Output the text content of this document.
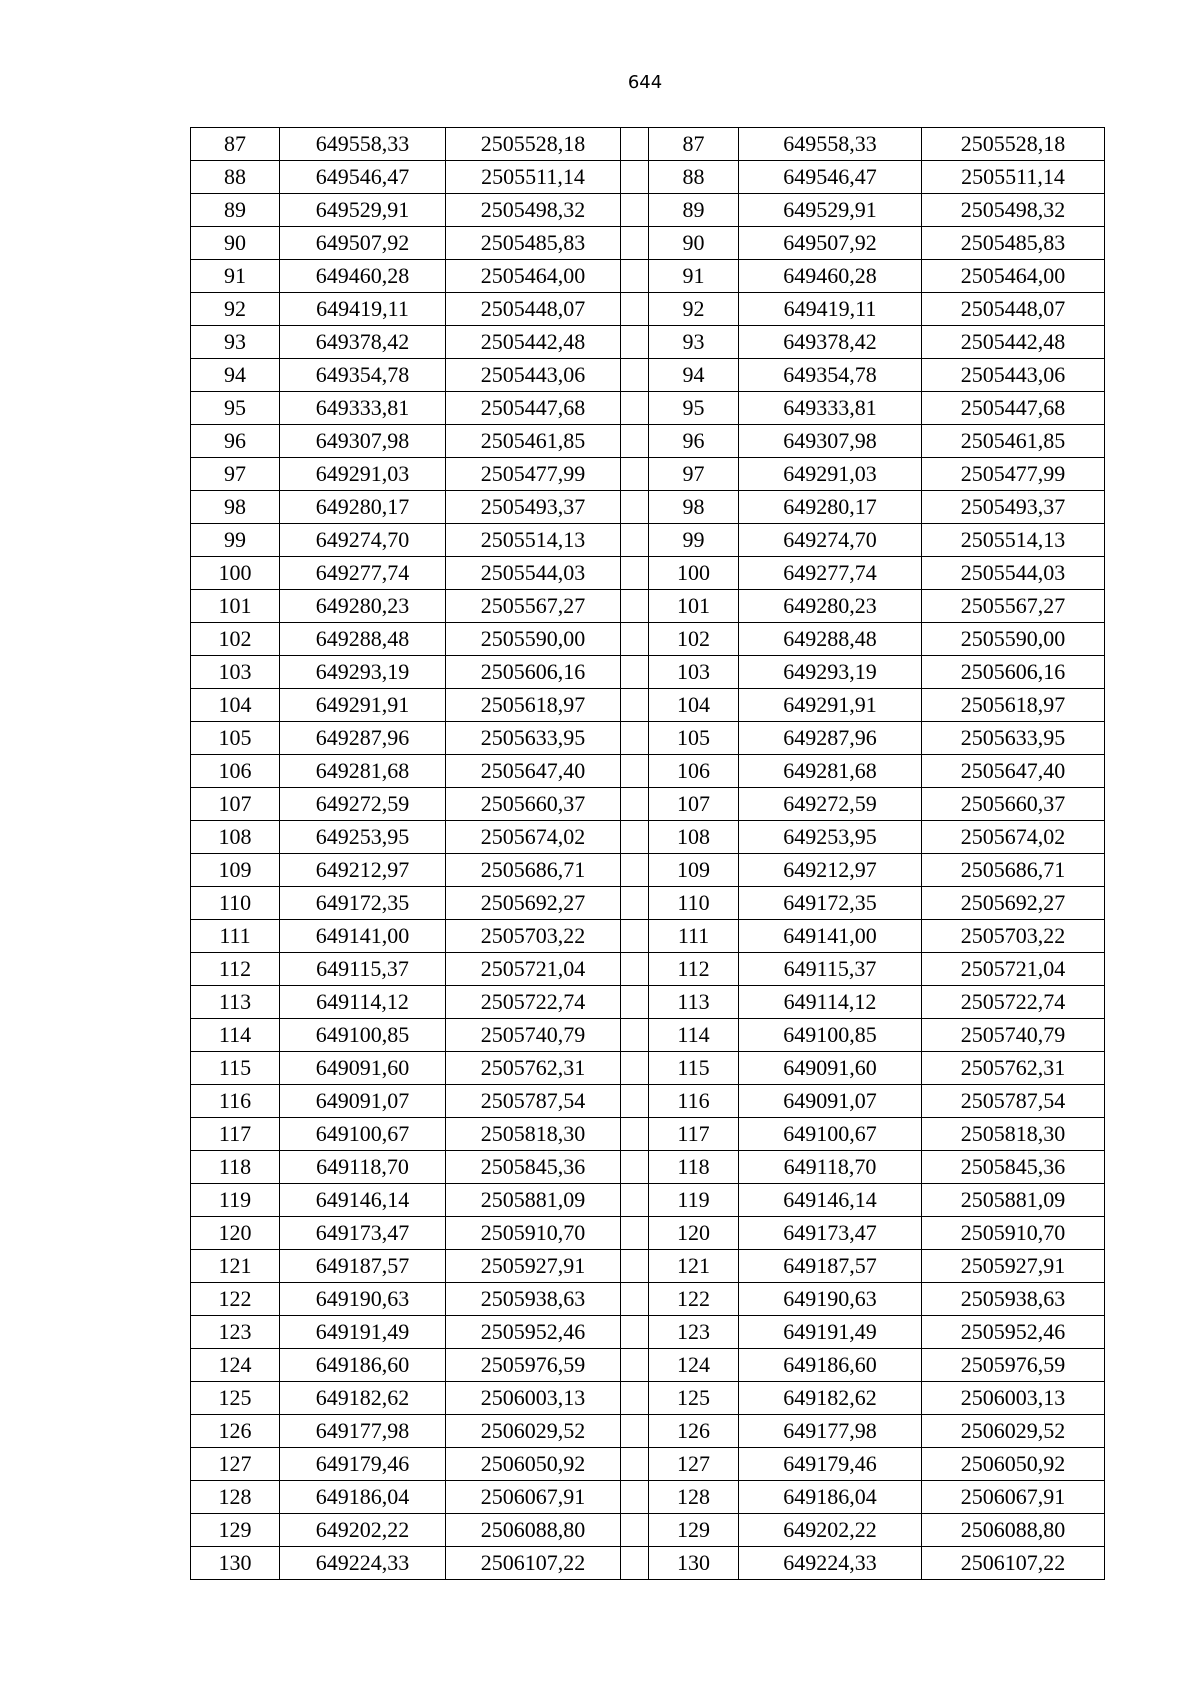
644
87	649558,33	2505528,18		87	649558,33	2505528,18
88	649546,47	2505511,14		88	649546,47	2505511,14
89	649529,91	2505498,32		89	649529,91	2505498,32
90	649507,92	2505485,83		90	649507,92	2505485,83
91	649460,28	2505464,00		91	649460,28	2505464,00
92	649419,11	2505448,07		92	649419,11	2505448,07
93	649378,42	2505442,48		93	649378,42	2505442,48
94	649354,78	2505443,06		94	649354,78	2505443,06
95	649333,81	2505447,68		95	649333,81	2505447,68
96	649307,98	2505461,85		96	649307,98	2505461,85
97	649291,03	2505477,99		97	649291,03	2505477,99
98	649280,17	2505493,37		98	649280,17	2505493,37
99	649274,70	2505514,13		99	649274,70	2505514,13
100	649277,74	2505544,03		100	649277,74	2505544,03
101	649280,23	2505567,27		101	649280,23	2505567,27
102	649288,48	2505590,00		102	649288,48	2505590,00
103	649293,19	2505606,16		103	649293,19	2505606,16
104	649291,91	2505618,97		104	649291,91	2505618,97
105	649287,96	2505633,95		105	649287,96	2505633,95
106	649281,68	2505647,40		106	649281,68	2505647,40
107	649272,59	2505660,37		107	649272,59	2505660,37
108	649253,95	2505674,02		108	649253,95	2505674,02
109	649212,97	2505686,71		109	649212,97	2505686,71
110	649172,35	2505692,27		110	649172,35	2505692,27
111	649141,00	2505703,22		111	649141,00	2505703,22
112	649115,37	2505721,04		112	649115,37	2505721,04
113	649114,12	2505722,74		113	649114,12	2505722,74
114	649100,85	2505740,79		114	649100,85	2505740,79
115	649091,60	2505762,31		115	649091,60	2505762,31
116	649091,07	2505787,54		116	649091,07	2505787,54
117	649100,67	2505818,30		117	649100,67	2505818,30
118	649118,70	2505845,36		118	649118,70	2505845,36
119	649146,14	2505881,09		119	649146,14	2505881,09
120	649173,47	2505910,70		120	649173,47	2505910,70
121	649187,57	2505927,91		121	649187,57	2505927,91
122	649190,63	2505938,63		122	649190,63	2505938,63
123	649191,49	2505952,46		123	649191,49	2505952,46
124	649186,60	2505976,59		124	649186,60	2505976,59
125	649182,62	2506003,13		125	649182,62	2506003,13
126	649177,98	2506029,52		126	649177,98	2506029,52
127	649179,46	2506050,92		127	649179,46	2506050,92
128	649186,04	2506067,91		128	649186,04	2506067,91
129	649202,22	2506088,80		129	649202,22	2506088,80
130	649224,33	2506107,22		130	649224,33	2506107,22
